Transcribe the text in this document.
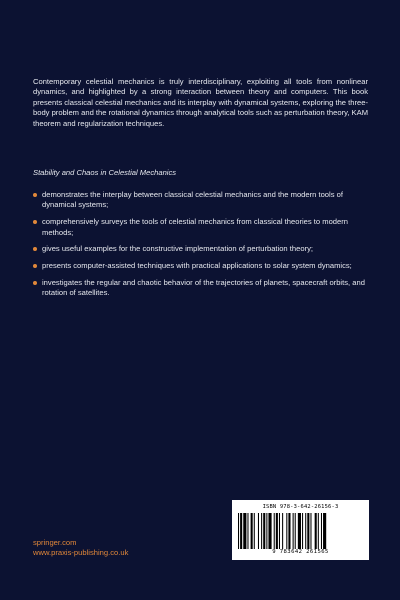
Contemporary celestial mechanics is truly interdisciplinary, exploiting all tools from nonlinear dynamics, and highlighted by a strong interaction between theory and computers. This book presents classical celestial mechanics and its interplay with dynamical systems, exploring the three-body problem and the rotational dynamics through analytical tools such as perturbation theory, KAM theorem and regularization techniques.

Stability and Chaos in Celestial Mechanics

demonstrates the interplay between classical celestial mechanics and the modern tools of dynamical systems;
comprehensively surveys the tools of celestial mechanics from classical theories to modern methods;
gives useful examples for the constructive implementation of perturbation theory;
presents computer-assisted techniques with practical applications to solar system dynamics;
investigates the regular and chaotic behavior of the trajectories of planets, spacecraft orbits, and rotation of satellites.
springer.com
www.praxis-publishing.co.uk
ISBN 978-3-642-26156-3
9 783642 261565
